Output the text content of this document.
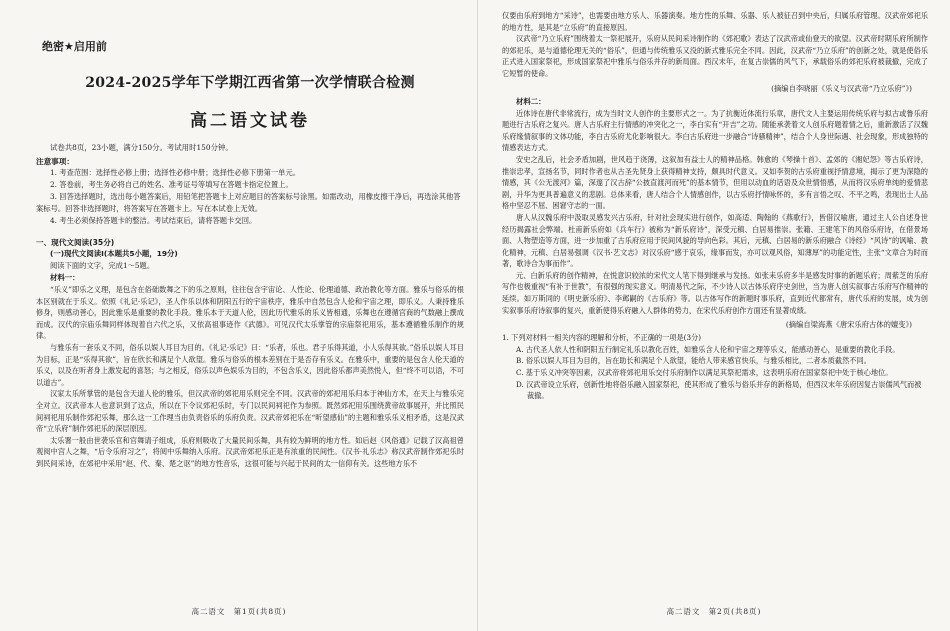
绝密★启用前
2024-2025学年下学期江西省第一次学情联合检测
高二语文试卷
试卷共8页，23小题，满分150分。考试用时150分钟。
注意事项：
1. 考查范围：选择性必修上册；选择性必修中册；选择性必修下册第一单元。
2. 答卷前，考生务必将自己的姓名、准考证号等填写在答题卡指定位置上。
3. 回答选择题时，选出每小题答案后，用铅笔把答题卡上对应题目的答案标号涂黑。如需改动，用橡皮擦干净后，再选涂其他答案标号。回答非选择题时，将答案写在答题卡上。写在本试卷上无效。
4. 考生必须保持答题卡的整洁。考试结束后，请将答题卡交回。
一、现代文阅读(35分)
(一)现代文阅读Ⅰ(本题共5小题，19分)
阅读下面的文字，完成1～5题。
材料一：

“乐义”即乐之义理，是包含在俗础数舞之下的乐之原则，往往包含宇宙论、人性论、伦理道德、政治教化等方面。雅乐与俗乐的根本区别就在于乐义。依照《礼记·乐记》，圣人作乐以体和阴阳五行的宇宙秩序，雅乐中自然包含人伦和宇宙之理，即乐义。人秉持雅乐修身，则感动善心，因此雅乐是重要的教化手段。雅乐本于天道人伦，因此历代雅乐的乐义皆相通，乐舞也在遵循宫商的气数融上撰成而成。汉代的宗庙乐舞同样体现着自六代之乐，又依高祖事迹作《武德》。可见汉代太乐掌管的宗庙祭祀用乐，基本遵循雅乐制作的规律。

与雅乐有一套乐义不同，俗乐以娱人耳目为目的。《礼记·乐记》曰：“乐者，乐也。君子乐得其道，小人乐得其欲。”俗乐以娱人耳目为目标，正是“乐得其欲”，旨在欣长和满足个人欲望。雅乐与俗乐的根本差别在于是否存有乐义。在雅乐中，重要的是包含人伦天道的乐义，以及在听者身上激发起的喜怒；与之相反，俗乐以声色娱乐为目的，不包含乐义，因此俗乐都声美然悦人，但“终不可以语，不可以道古”。

汉家太乐所掌管的是包含天道人伦的雅乐，但汉武帝的郊祀用乐则完全不同。汉武帝的郊祀用乐归本于神仙方术，在天上与雅乐完全对立。汉武帝本人也意识到了这点，所以在下令议郊祀乐时，专门以民间祠祀作为参照。既然郊祀用乐围绕黄帝故事展开，并比照民间祠祀用乐制作郊祀乐舞，那么这一工作理当由负责俗乐的乐府负责。汉武帝郊祀乐在“昕望感仙”的主题和雅乐乐义相矛盾，这是汉武帝“立乐府”制作郊祀乐的深层原因。

太乐署一般由世袭乐官和官舞请子组成，乐府则吸收了大量民间乐舞，具有较为鲜明的地方性。如后赵《风俗通》记载了汉高祖曾观阅中宫人之舞，“后令乐府习之”，将阅中乐舞纳入乐府。汉武帝郊祀乐正是有浓重的民间性。《汉书·礼乐志》称汉武帝制作郊祀乐时到民间采诗，在郊祀中采用“赵、代、秦、楚之讴”的地方性音乐，这很可能与兴起于民间的太一信仰有关。这些地方乐不

仅要由乐府到地方“采诗”，也需要由地方乐人、乐器演奏。地方性的乐舞、乐器、乐人被征召到中央后，归属乐府管理。汉武帝郊祀乐的地方性，是其是“立乐府”的直接原因。

汉武帝“乃立乐府”围绕着太一祭祀展开，乐府从民间采诗制作的《郊祀歌》表达了汉武帝或仙登天的欲望。汉武帝时期乐府所制作的郊祀乐，是与道德伦理无关的“俗乐”，但通与传统雅乐又没的新式雅乐完全不同。因此，汉武帝“乃立乐府”的创新之处，就是使俗乐正式进入国家祭祀，形成国家祭祀中雅乐与俗乐并存的新局面。西汉末年，在复古崇儒的风气下，承载俗乐的郊祀乐府被裁撤，完成了它短暂的使命。

(摘编自李晓丽《乐义与汉武帝“乃立乐府”》)
材料二：

近体诗在唐代非常流行，成为当时文人创作的主要形式之一。为了抗衡近体流行乐章，唐代文人主要运用传统乐府与拟古或鲁乐府题进行古乐府之复兴。唐人古乐府主行情感的冲突化之一，李白实有“开吉”之功。随能承袭着文人创乐府题着情之后，重新激活了汉魏乐府缘情叙事的文体功能，李白古乐府尤化影响很大。李白古乐府进一步融合“诗骚精神”，结合个人身世际遇、社会现象，形成独特的情感表达方式。

安史之乱后，社会矛盾加剧，世风趋于浇薄，这叙加有益士人的精神品格。韩愈的《琴操十首》、孟郊的《湘妃怨》等古乐府诗，推崇忠孝，宣扬名节，同时作者也从古圣先贤身上获得精神支持，颇具时代意义。又如李贺的古乐府重视抒情意境，揭示了更为深隐的情感，其《公无渡河》篇，深邃了汉古辞“公披直渡河而死”的基本情节，但用以动血的话语及众世情悟感，从而将汉乐府单纯的爱情悲剧，升华为更具普遍意义的悲剧。总体来看，唐人结合个人情感创作，以古乐府抒情咏怀的，多有言悟之叹、不平之鸣，表现出士人品格中坚忍不屈、困窘守志的一面。

唐人从汉魏乐府中汲取灵感发兴古乐府，针对社会现实进行创作，如高适、陶翰的《燕歌行》，皆借汉喻唐，通过主人公自述身世经历揭露社会弊端。杜甫新乐府如《兵车行》被称为“新乐府诗”，深受元稹、白居易推崇。张籍、王建笔下的风俗乐府诗，在借景场面、人物塑造等方面，进一步加重了古乐府应用于民间风貌的导向色彩。其后，元稹、白居易的新乐府融合《诗经》“风诗”的讽喻、教化精神，元稹、白居易强调《汉书·艺文志》对汉乐府“感于哀乐，缘事而发，亦可以观风俗，知薄厚”的功能定性，主张“文章合为时而著，歌诗合为事而作”。

元、白新乐府的创作精神，在悦意识较浓的宋代文人笔下得到继承与发扬。如张耒乐府多半是感发时事的新题乐府；周紫芝的乐府写作也极重视“有补于世教”，有很强的现实意义。明清易代之际，不少诗人以古体乐府序史剑世，当为唐人创实叙事古乐府写作精神的延续。如万斯同的《明史新乐府》、李邺嗣的《古乐府》等。以古体写作的新题时事乐府，直到近代都常有，唐代乐府的发展，成为创实叙事乐府诗叙事的复兴，重新使得乐府融入人群体的势力，在宋代乐府创作方面还有显著成绩。

(摘编自梁海燕《唐宋乐府古体的嬗变》)

1. 下列对材料一相关内容的理解和分析，不正确的一项是(3分)

A. 古代圣人依人性和阴阳五行制定礼乐以教化百姓，如雅乐含人伦和宇宙之理等乐义，能感动善心，是重要的教化手段。

B. 俗乐以娱人耳目为目的，旨在助长和满足个人欲望，能给人带来感官快乐，与雅乐相比，二者本质截然不同。

C. 基于乐义冲突等因素，汉武帝将郊祀用乐交付乐府制作以满足其祭祀需求，这表明乐府在国家祭祀中处于核心地位。

D. 汉武帝设立乐府，创新性地将俗乐融入国家祭祀，使其形成了雅乐与俗乐并存的新格局，但西汉末年乐府因复古崇儒风气而被裁撤。

高二语文　第1页(共8页)	高二语文　第2页(共8页)
